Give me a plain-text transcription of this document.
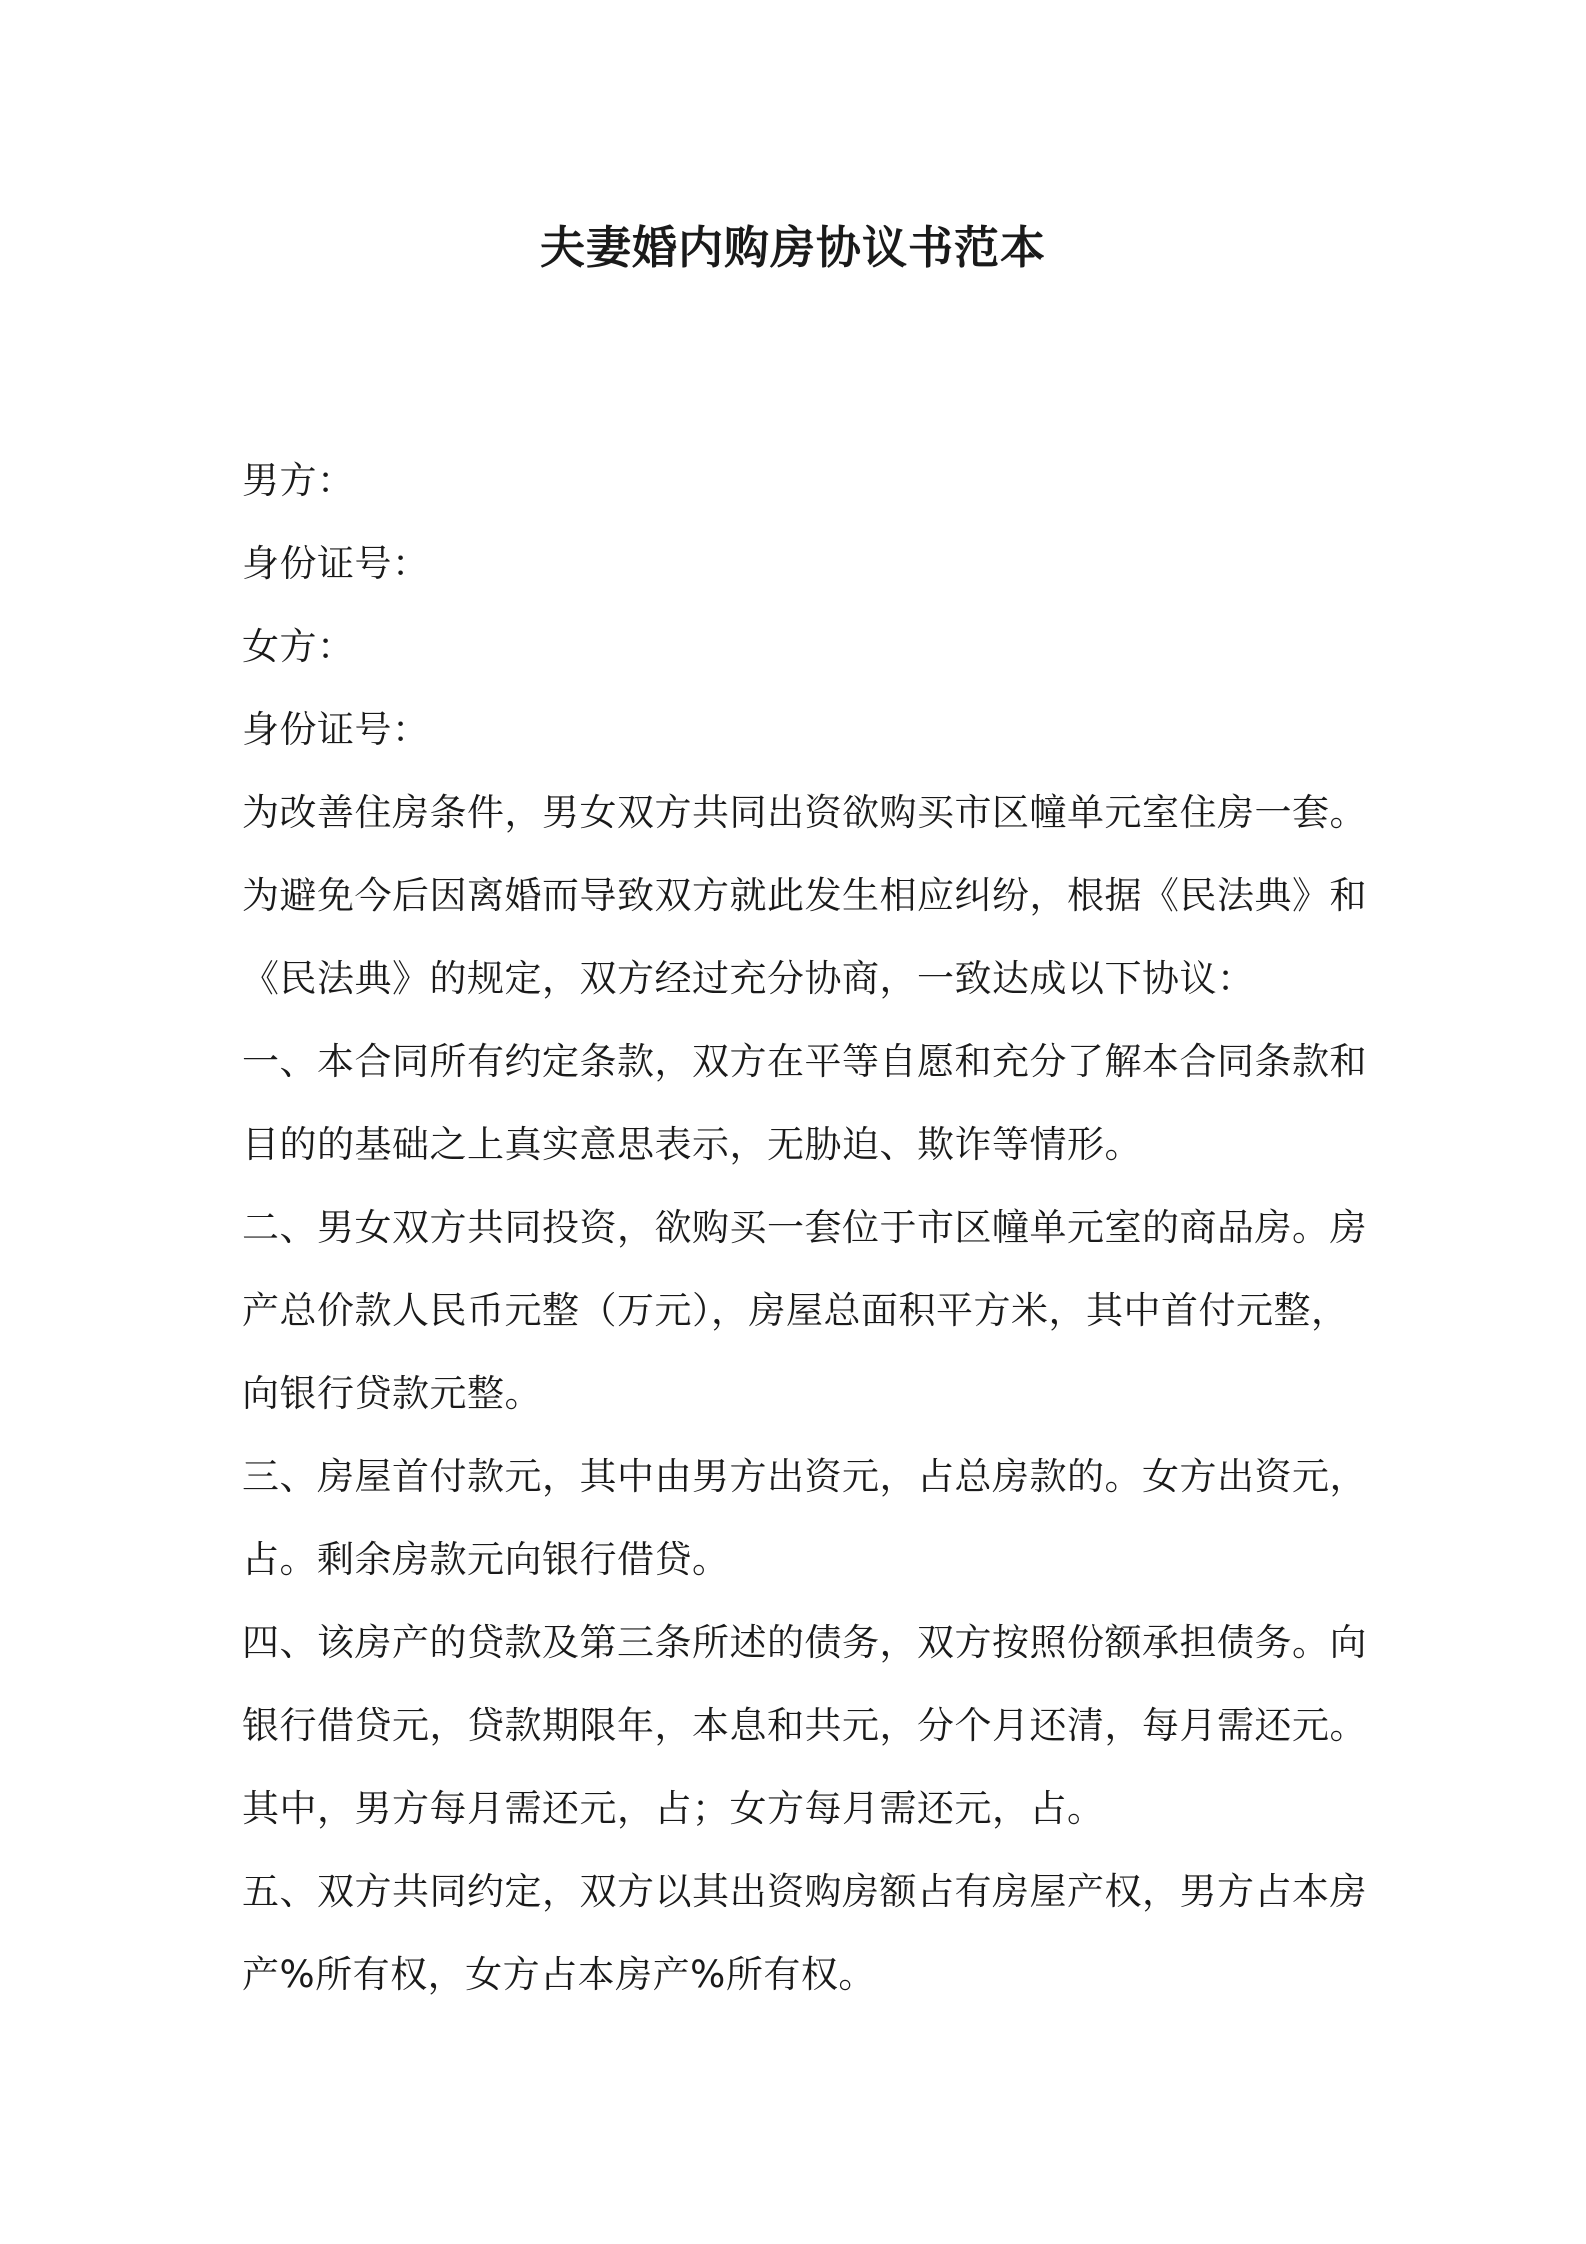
夫妻婚内购房协议书范本
男方：
身份证号：
女方：
身份证号：
为改善住房条件，男女双方共同出资欲购买市区幢单元室住房一套。
为避免今后因离婚而导致双方就此发生相应纠纷，根据《民法典》和
《民法典》的规定，双方经过充分协商，一致达成以下协议：
一、本合同所有约定条款，双方在平等自愿和充分了解本合同条款和
目的的基础之上真实意思表示，无胁迫、欺诈等情形。
二、男女双方共同投资，欲购买一套位于市区幢单元室的商品房。房
产总价款人民币元整（万元），房屋总面积平方米，其中首付元整，
向银行贷款元整。
三、房屋首付款元，其中由男方出资元，占总房款的。女方出资元，
占。剩余房款元向银行借贷。
四、该房产的贷款及第三条所述的债务，双方按照份额承担债务。向
银行借贷元，贷款期限年，本息和共元，分个月还清，每月需还元。
其中，男方每月需还元，占；女方每月需还元，占。
五、双方共同约定，双方以其出资购房额占有房屋产权，男方占本房
产%所有权，女方占本房产%所有权。
